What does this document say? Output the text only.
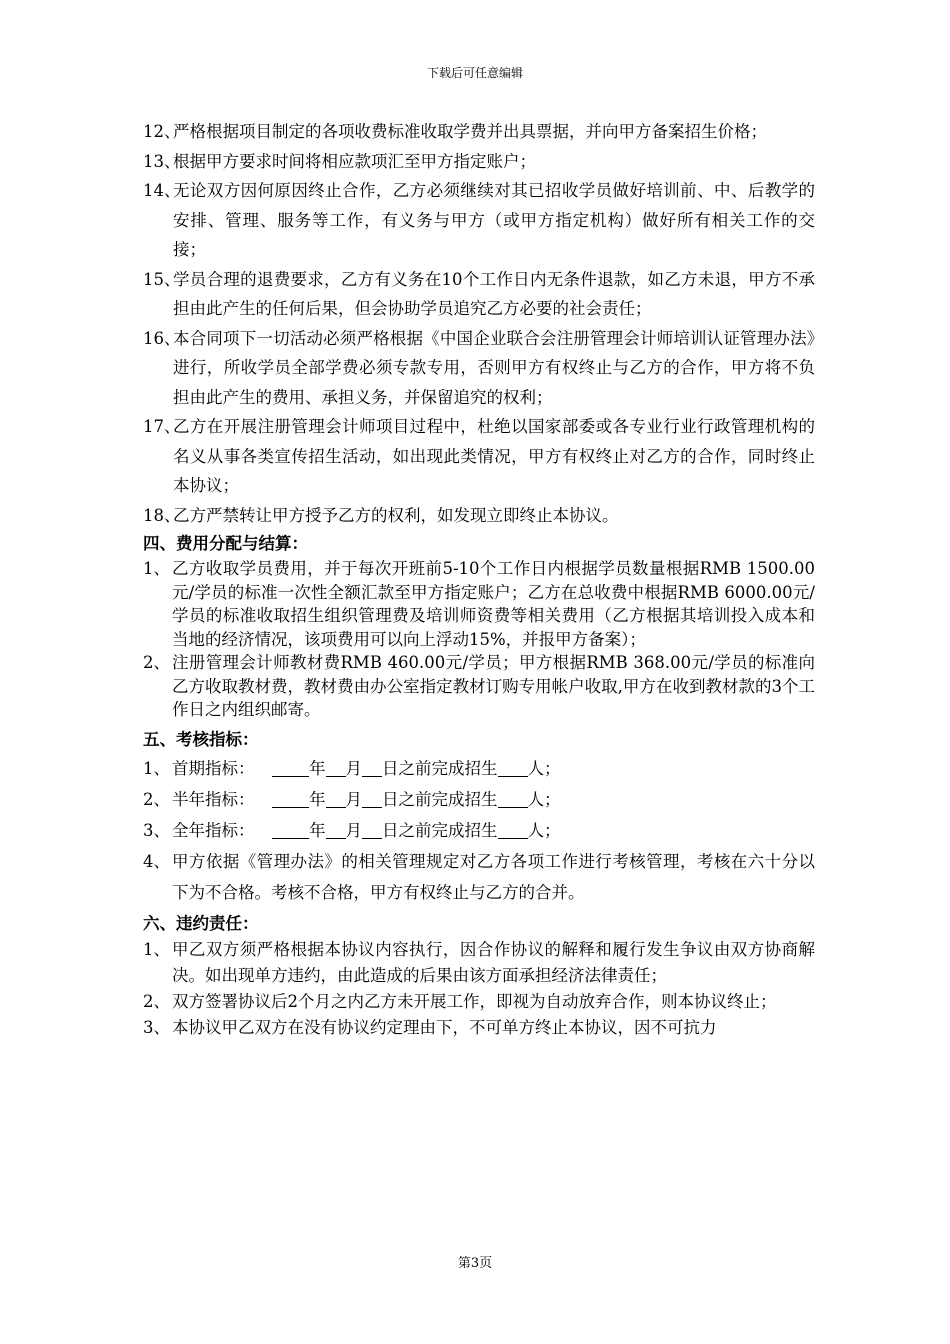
下载后可任意编辑
12、
严格根据项目制定的各项收费标准收取学费并出具票据，并向甲方备案招生价格；
13、
根据甲方要求时间将相应款项汇至甲方指定账户；
14、
无论双方因何原因终止合作，乙方必须继续对其已招收学员做好培训前、中、后教学的安排、管理、服务等工作，有义务与甲方（或甲方指定机构）做好所有相关工作的交接；
15、
学员合理的退费要求，乙方有义务在10个工作日内无条件退款，如乙方未退，甲方不承担由此产生的任何后果，但会协助学员追究乙方必要的社会责任；
16、
本合同项下一切活动必须严格根据《中国企业联合会注册管理会计师培训认证管理办法》进行，所收学员全部学费必须专款专用，否则甲方有权终止与乙方的合作，甲方将不负担由此产生的费用、承担义务，并保留追究的权利；
17、
乙方在开展注册管理会计师项目过程中，杜绝以国家部委或各专业行业行政管理机构的名义从事各类宣传招生活动，如出现此类情况，甲方有权终止对乙方的合作，同时终止本协议；
18、
乙方严禁转让甲方授予乙方的权利，如发现立即终止本协议。
四、费用分配与结算：
1、 乙方收取学员费用，并于每次开班前5-10个工作日内根据学员数量根据RMB 1500.00元/学员的标准一次性全额汇款至甲方指定账户；乙方在总收费中根据RMB 6000.00元/学员的标准收取招生组织管理费及培训师资费等相关费用（乙方根据其培训投入成本和当地的经济情况，该项费用可以向上浮动15%，并报甲方备案）；
2、 注册管理会计师教材费RMB 460.00元/学员；甲方根据RMB 368.00元/学员的标准向乙方收取教材费，教材费由办公室指定教材订购专用帐户收取,甲方在收到教材款的3个工作日之内组织邮寄。
五、考核指标：
1、 首期指标：	年 月 日之前完成招生 人；
2、 半年指标：	年 月 日之前完成招生 人；
3、 全年指标：	年 月 日之前完成招生 人；
4、 甲方依据《管理办法》的相关管理规定对乙方各项工作进行考核管理，考核在六十分以下为不合格。考核不合格，甲方有权终止与乙方的合并。
六、违约责任：
1、 甲乙双方须严格根据本协议内容执行，因合作协议的解释和履行发生争议由双方协商解决。如出现单方违约，由此造成的后果由该方面承担经济法律责任；
2、 双方签署协议后2个月之内乙方未开展工作，即视为自动放弃合作，则本协议终止；
3、 本协议甲乙双方在没有协议约定理由下，不可单方终止本协议，因不可抗力
第3页
